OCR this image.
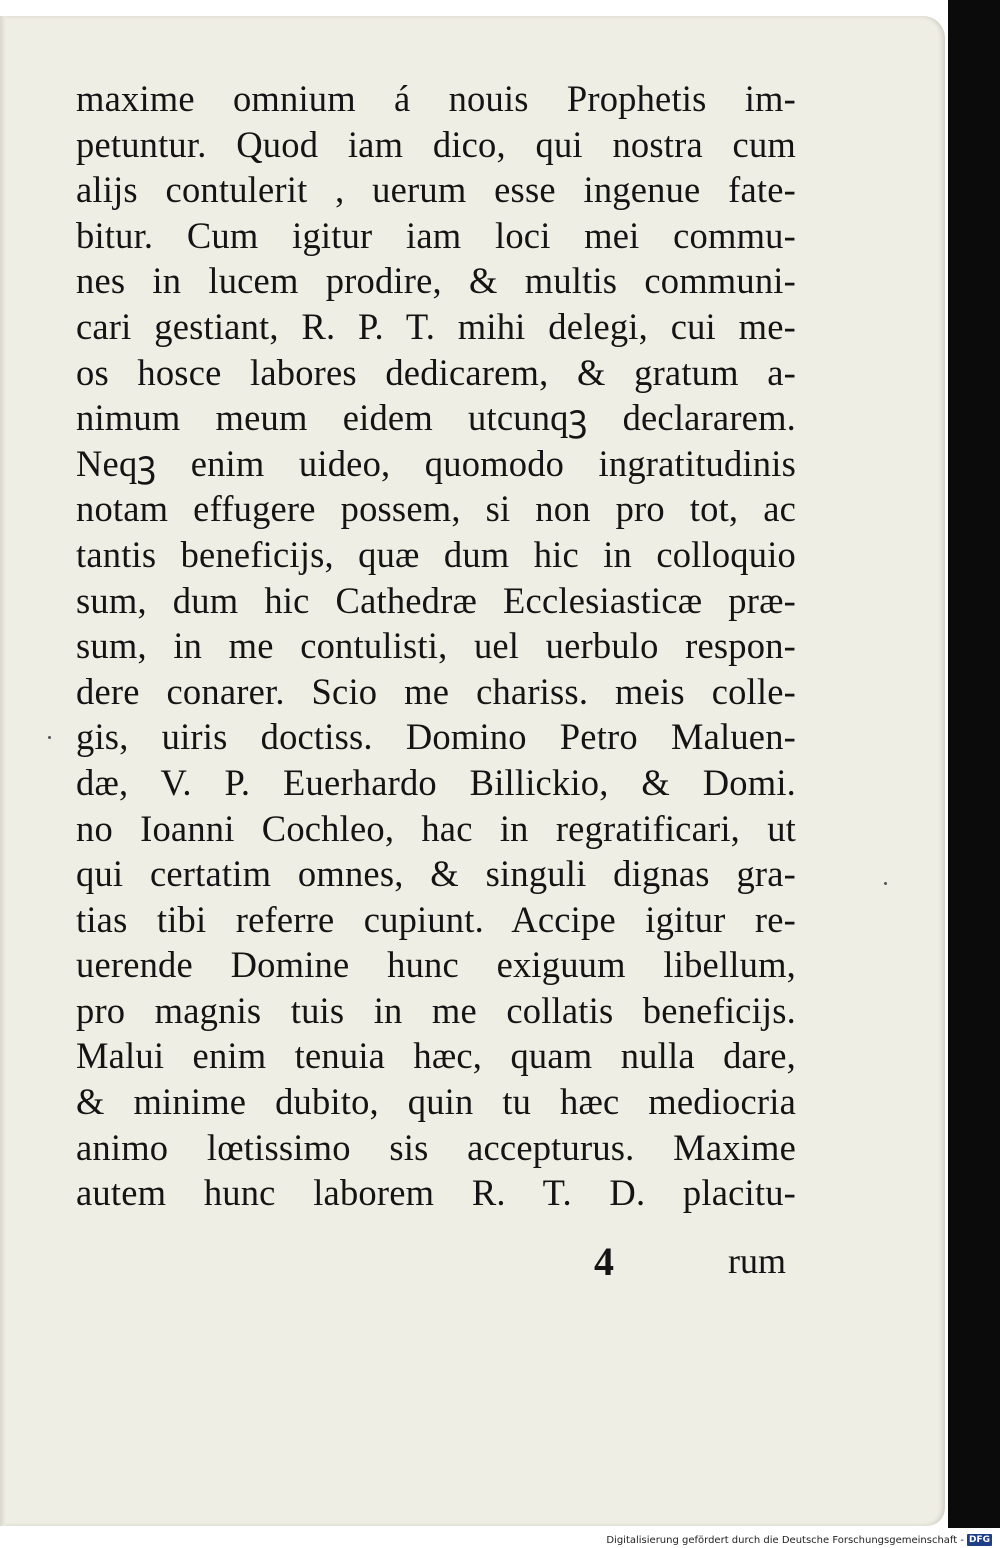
maxime omnium á nouis Prophetis im-
petuntur. Quod iam dico, qui nostra cum
aliјs contulerit , uerum esse ingenue fate-
bitur. Cum igitur iam loci mei commu-
nes in lucem prodire, & multis communi-
cari gestiant, R. P. T. mihi delegi, cui me-
os hosce labores dedicarem, & gratum a-
nimum meum eidem utcunqꝫ declararem.
Neqꝫ enim uideo, quomodo ingratitudinis
notam effugere possem, si non pro tot, ac
tantis beneficijs, quæ dum hic in colloquio
sum, dum hic Cathedræ Ecclesiasticæ præ-
sum, in me contulisti, uel uerbulo respon-
dere conarer. Scio me chariss. meis colle-
gis, uiris doctiss. Domino Petro Maluen-
dæ, V. P. Euerhardo Billickio, & Domi.
no Ioanni Cochleo, hac in regratificari, ut
qui certatim omnes, & singuli dignas gra-
tias tibi referre cupiunt. Accipe igitur re-
uerende Domine hunc exiguum libellum,
pro magnis tuis in me collatis beneficijs.
Malui enim tenuia hæc, quam nulla dare,
& minime dubito, quin tu hæc mediocria
animo lœtissimo sis accepturus. Maxime
autem hunc laborem R. T. D. placitu-
4	rum
Digitalisierung gefördert durch die Deutsche Forschungsgemeinschaft - DFG
